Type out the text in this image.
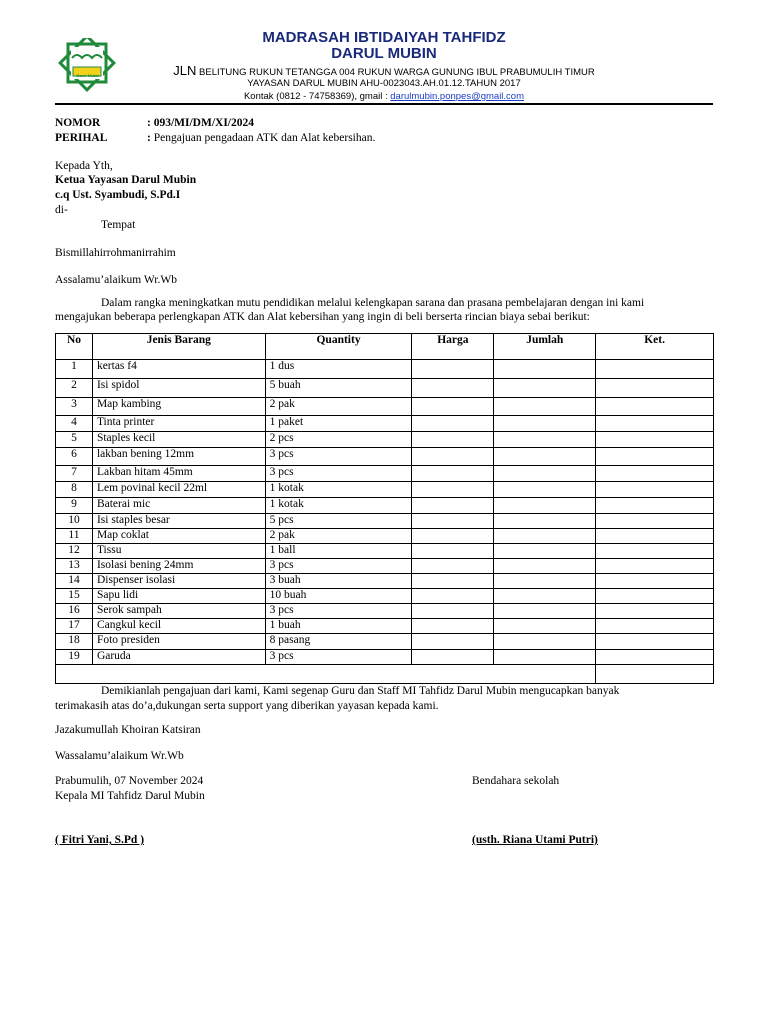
Darul Mubin
MADRASAH IBTIDAIYAH TAHFIDZ
DARUL MUBIN
JLN BELITUNG RUKUN TETANGGA 004 RUKUN WARGA GUNUNG IBUL PRABUMULIH TIMUR
YAYASAN DARUL MUBIN AHU-0023043.AH.01.12.TAHUN 2017
Kontak (0812 - 74758369), gmail : darulmubin.ponpes@gmail.com
NOMOR	: 093/MI/DM/XI/2024
PERIHAL	: Pengajuan pengadaan ATK dan Alat kebersihan.
Kepada Yth,
Ketua Yayasan Darul Mubin
c.q Ust. Syambudi, S.Pd.I
di-
Tempat
Bismillahirrohmanirrahim
Assalamu’alaikum Wr.Wb
Dalam rangka meningkatkan mutu pendidikan melalui kelengkapan sarana dan prasana pembelajaran dengan ini kami
mengajukan beberapa perlengkapan ATK dan Alat kebersihan yang ingin di beli berserta rincian biaya sebai berikut:
No	Jenis Barang	Quantity	Harga	Jumlah	Ket.
1	kertas f4	1 dus			
2	Isi spidol	5 buah			
3	Map kambing	2 pak			
4	Tinta printer	1 paket			
5	Staples kecil	2 pcs			
6	lakban bening 12mm	3 pcs			
7	Lakban hitam 45mm	3 pcs			
8	Lem povinal kecil 22ml	1 kotak			
9	Baterai mic	1 kotak			
10	Isi staples besar	5 pcs			
11	Map coklat	2 pak			
12	Tissu	1 ball			
13	Isolasi bening 24mm	3 pcs			
14	Dispenser isolasi	3 buah			
15	Sapu lidi	10 buah			
16	Serok sampah	3 pcs			
17	Cangkul kecil	1 buah			
18	Foto presiden	8 pasang			
19	Garuda	3 pcs			

Demikianlah pengajuan dari kami, Kami segenap Guru dan Staff MI Tahfidz Darul Mubin mengucapkan banyak
terimakasih atas do’a,dukungan serta support yang diberikan yayasan kepada kami.
Jazakumullah Khoiran Katsiran
Wassalamu’alaikum Wr.Wb
Prabumulih, 07 November 2024
Kepala MI Tahfidz Darul Mubin
Bendahara sekolah
( Fitri Yani, S.Pd )	(usth. Riana Utami Putri)
